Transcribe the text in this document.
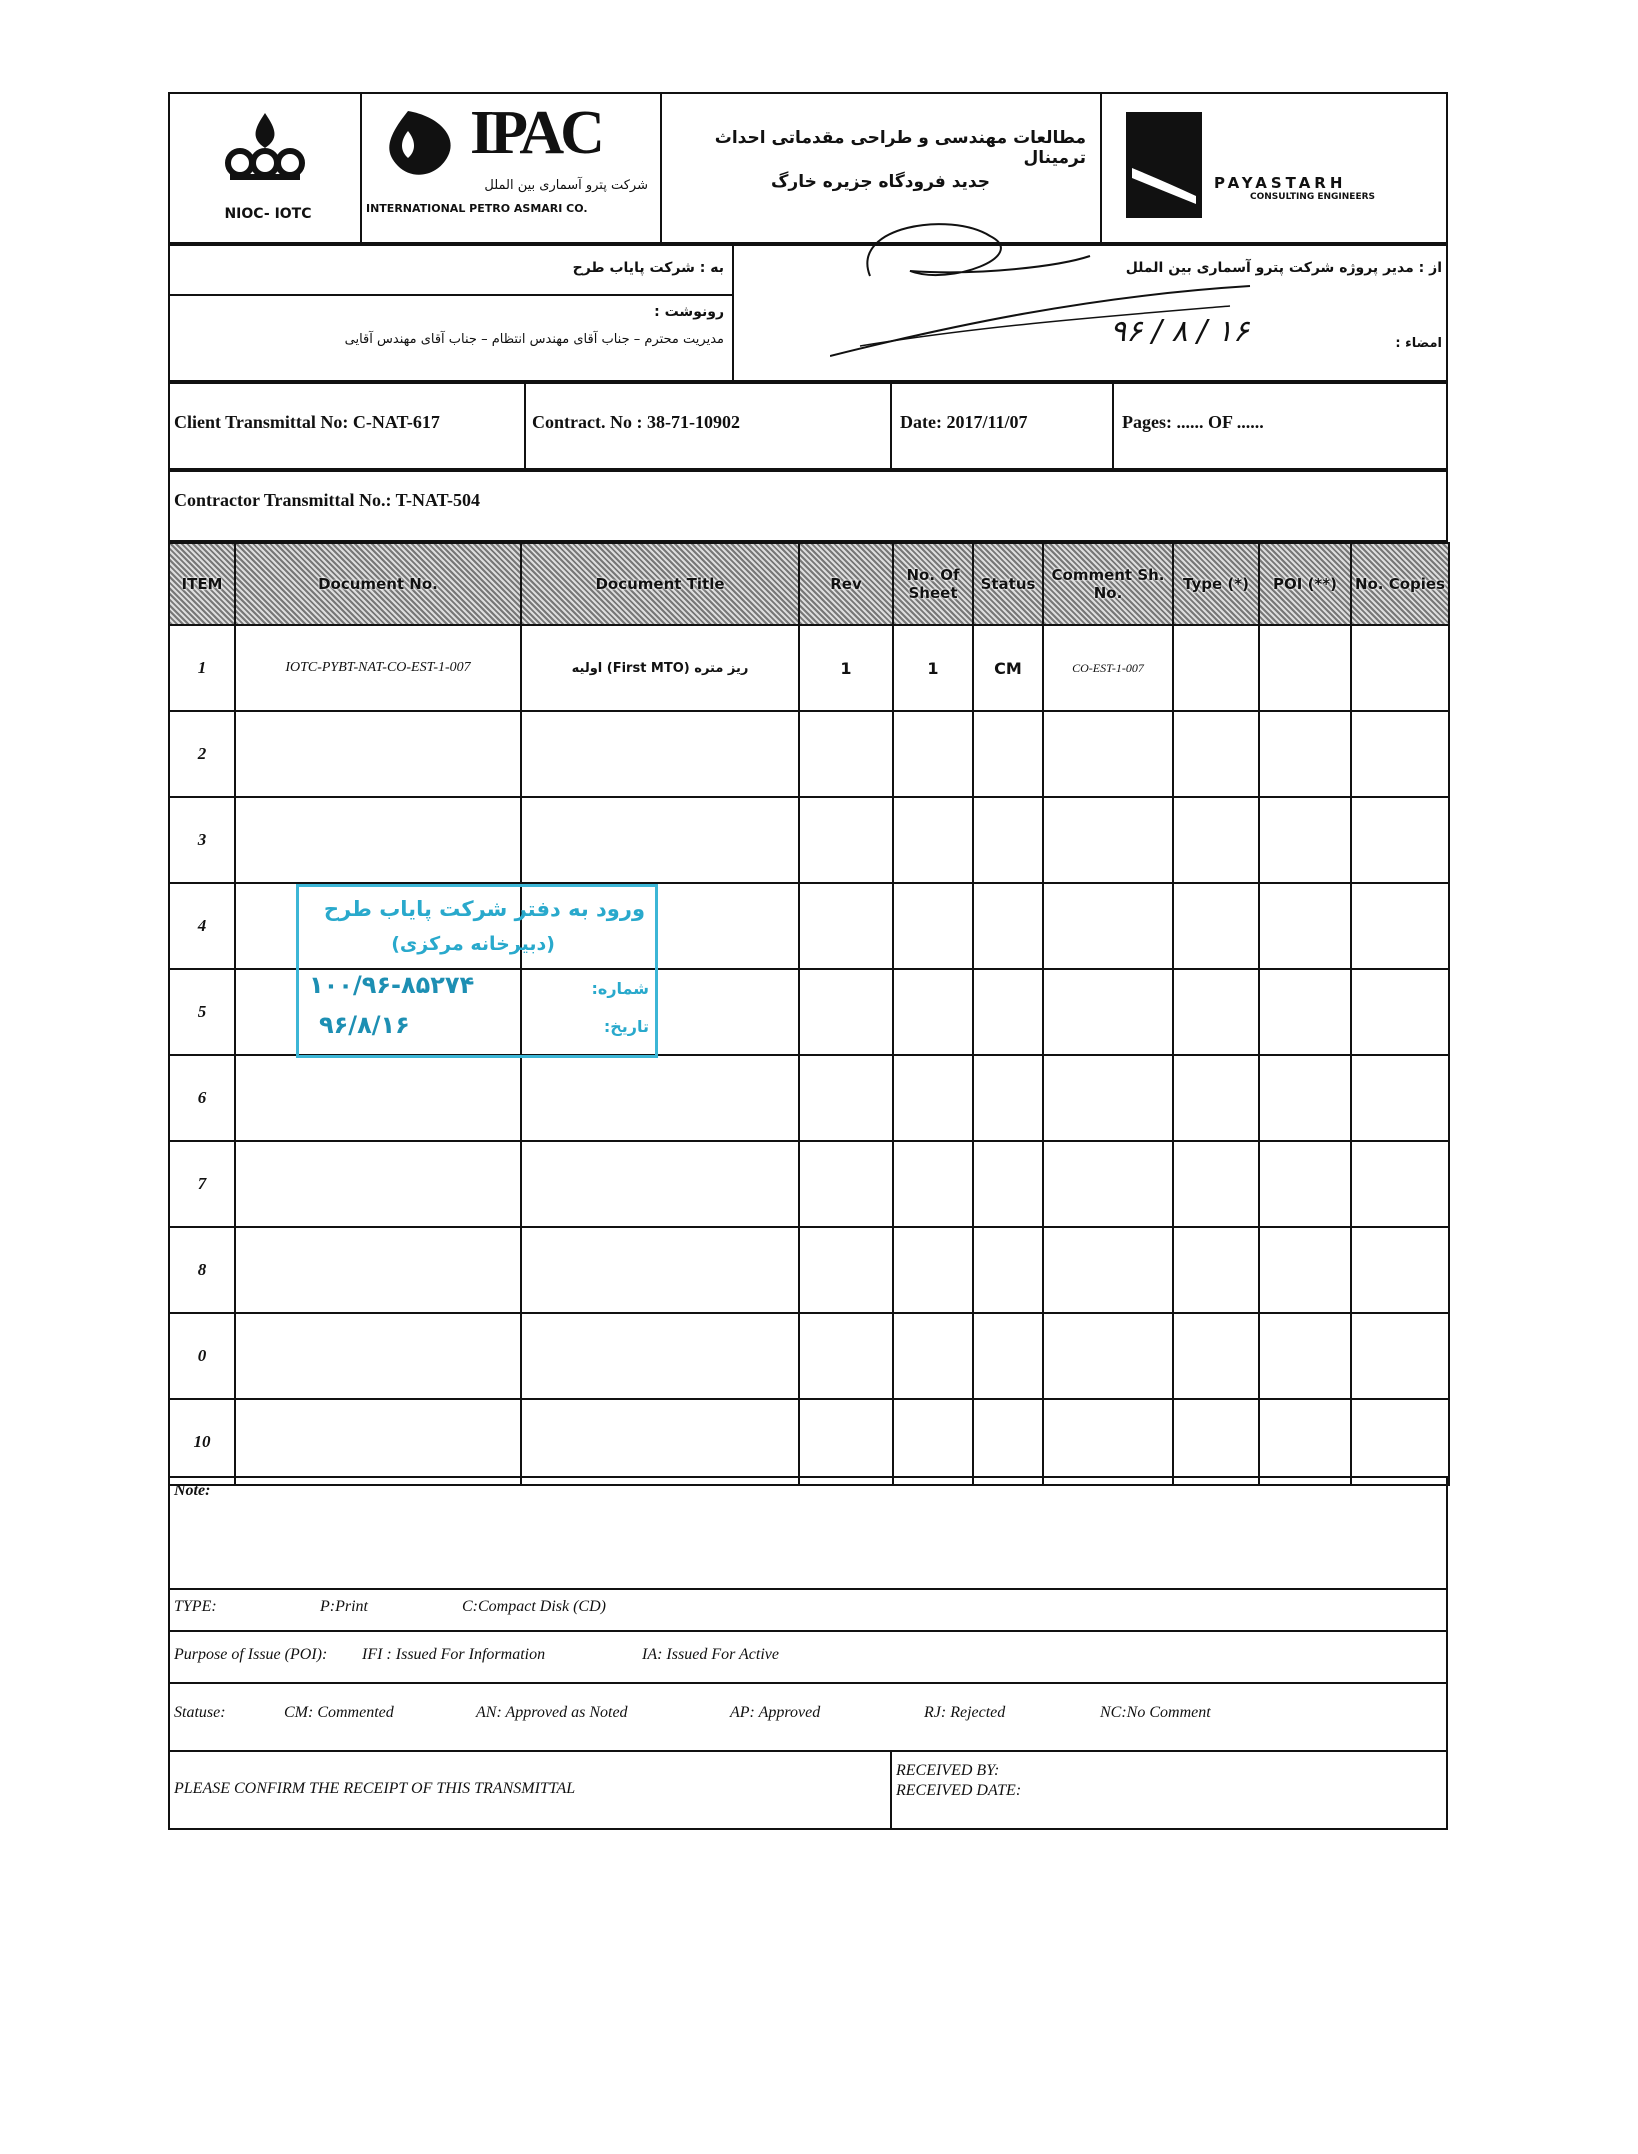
NIOC- IOTC
IPAC
شرکت پترو آسماری بین الملل
INTERNATIONAL PETRO ASMARI CO.
مطالعات مهندسی و طراحی مقدماتی احداث ترمینال
جدید فرودگاه جزیره خارگ	PAYASTARH
CONSULTING ENGINEERS
به : شرکت پایاب طرح
رونوشت :
مدیریت محترم – جناب آقای مهندس انتظام – جناب آقای مهندس آقایی
از : مدیر پروژه شرکت پترو آسماری بین الملل
امضاء :
۹۶ / ۸ / ۱۶
Client Transmittal No: C-NAT-617	Contract. No : 38-71-10902	Date: 2017/11/07	Pages: ...... OF ......
Contractor Transmittal No.: T-NAT-504
ITEM	Document No.	Document Title	Rev	No. Of Sheet	Status	Comment Sh. No.	Type (*)	POI (**)	No. Copies
1	IOTC-PYBT-NAT-CO-EST-1-007	ریز متره (First MTO) اولیه	1	1	CM	CO-EST-1-007			
2									
3									
4									
5									
6									
7									
8									
0									
10									
ورود به دفتر شرکت پایاب طرح
(دبیرخانه مرکزی)
شماره:
۱۰۰/۹۶-۸۵۲۷۴
تاریخ:
۹۶/۸/۱۶
Note:
TYPE:	P:Print	C:Compact Disk (CD)
Purpose of Issue (POI): IFI : Issued For Information	IA: Issued For Active
Statuse:	CM: Commented	AN: Approved as Noted	AP: Approved	RJ: Rejected	NC:No Comment
PLEASE CONFIRM THE RECEIPT OF THIS TRANSMITTAL
RECEIVED BY:
RECEIVED DATE:
